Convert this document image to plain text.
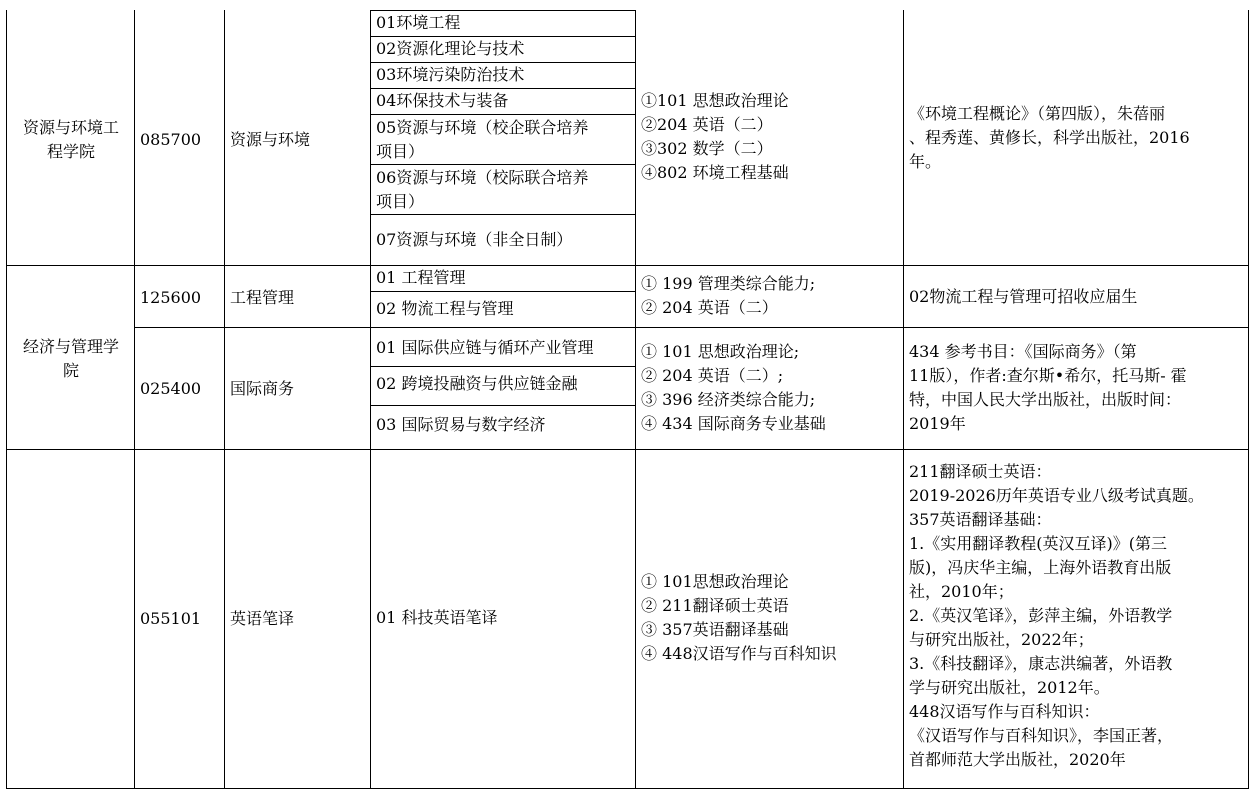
资源与环境工
程学院
085700 资源与环境
01环境工程
02资源化理论与技术
03环境污染防治技术
04环保技术与装备
05资源与环境（校企联合培养
项目）
06资源与环境（校际联合培养
项目）
07资源与环境（非全日制）
①101 思想政治理论
②204 英语（二）
③302 数学（二）
④802 环境工程基础
《环境工程概论》（第四版），朱蓓丽
、程秀莲、黄修长，科学出版社，2016
年。
经济与管理学
院
125600 工程管理
01 工程管理
02 物流工程与管理
① 199 管理类综合能力;
② 204 英语（二）
02物流工程与管理可招收应届生
025400 国际商务
01 国际供应链与循环产业管理
02 跨境投融资与供应链金融
03 国际贸易与数字经济
① 101 思想政治理论;
② 204 英语（二）;
③ 396 经济类综合能力;
④ 434 国际商务专业基础
434 参考书目：《国际商务》（第
11版），作者:查尔斯•希尔，托马斯- 霍
特，中国人民大学出版社，出版时间：
2019年
055101 英语笔译	01 科技英语笔译
① 101思想政治理论
② 211翻译硕士英语
③ 357英语翻译基础
④ 448汉语写作与百科知识
211翻译硕士英语：
2019-2026历年英语专业八级考试真题。
357英语翻译基础：
1.《实用翻译教程(英汉互译)》(第三
版)，冯庆华主编，上海外语教育出版
社，2010年；
2.《英汉笔译》，彭萍主编，外语教学
与研究出版社，2022年；
3.《科技翻译》，康志洪编著，外语教
学与研究出版社，2012年。
448汉语写作与百科知识：
《汉语写作与百科知识》，李国正著，
首都师范大学出版社，2020年
